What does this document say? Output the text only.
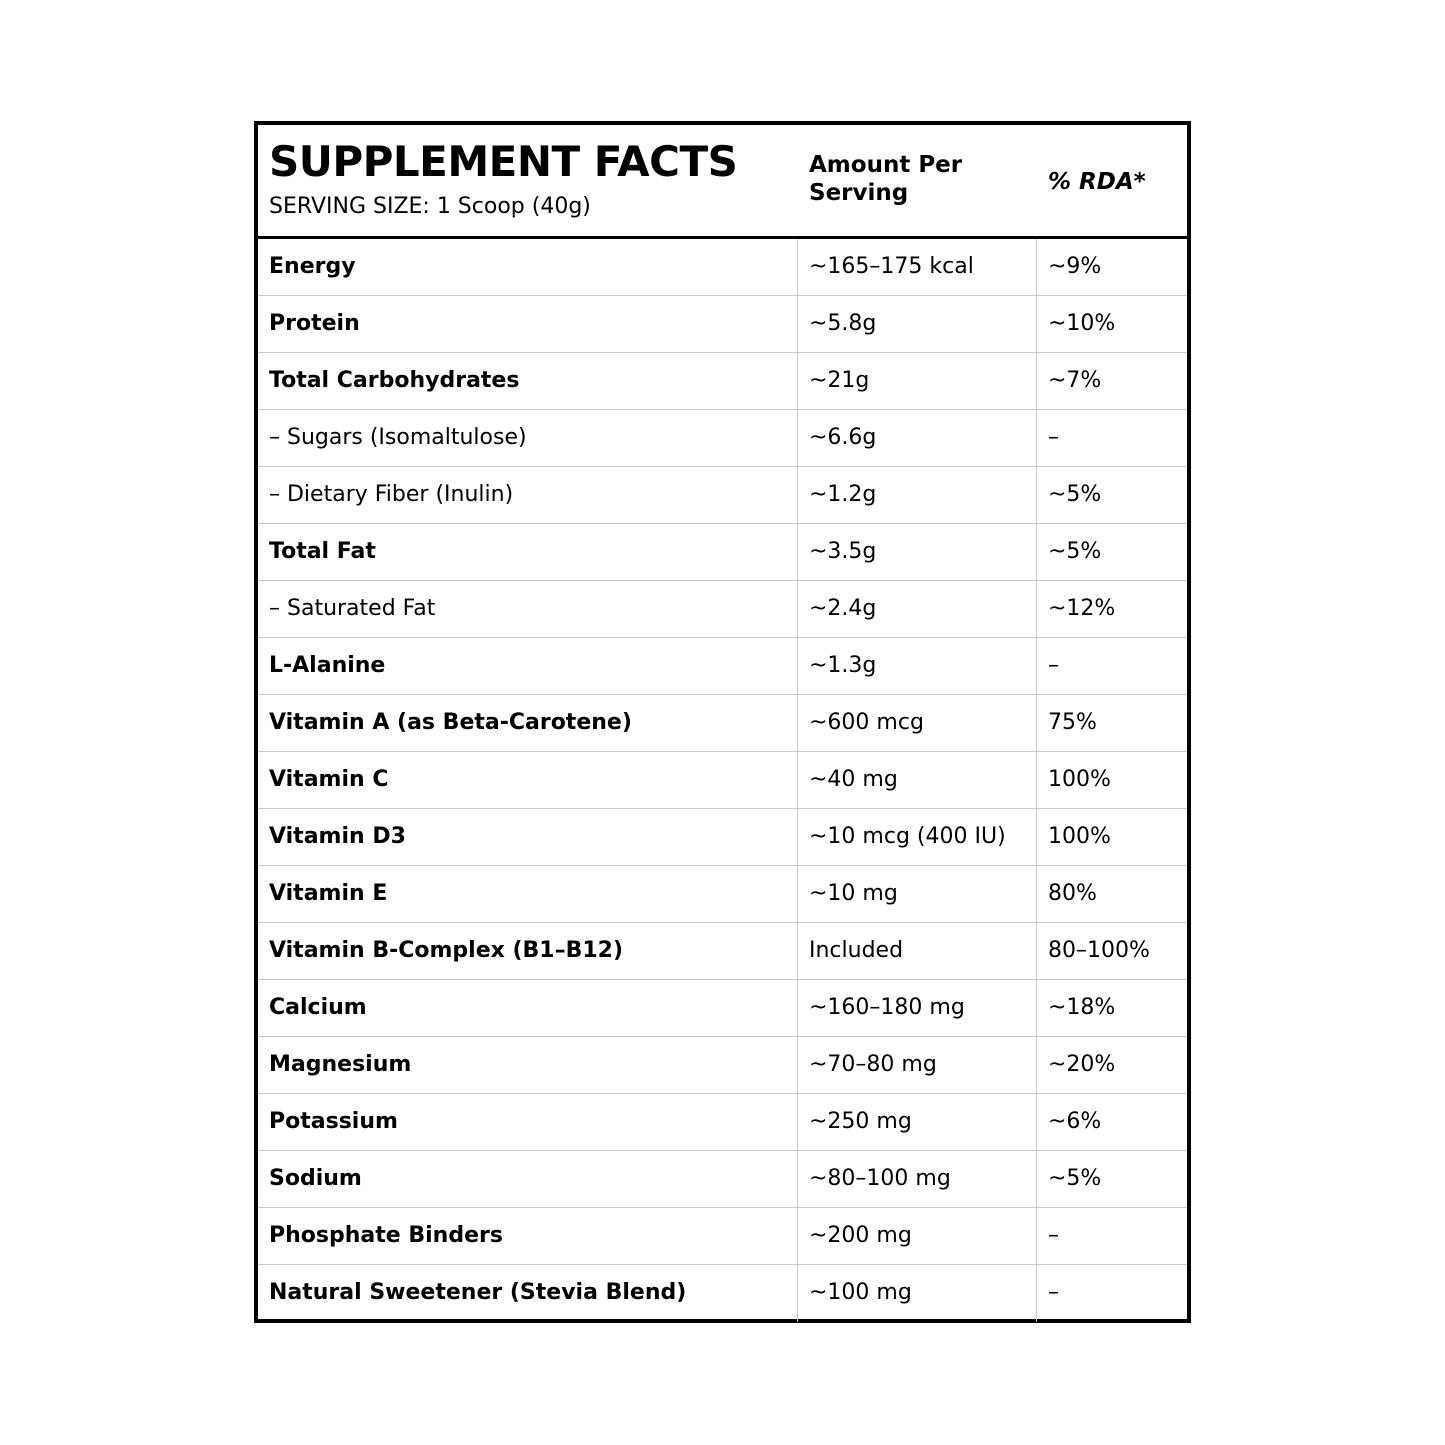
SUPPLEMENT FACTS
SERVING SIZE: 1 Scoop (40g)
Amount Per Serving	% RDA*
Energy	~165–175 kcal	~9%
Protein	~5.8g	~10%
Total Carbohydrates	~21g	~7%
– Sugars (Isomaltulose)	~6.6g	–
– Dietary Fiber (Inulin)	~1.2g	~5%
Total Fat	~3.5g	~5%
– Saturated Fat	~2.4g	~12%
L-Alanine	~1.3g	–
Vitamin A (as Beta-Carotene)	~600 mcg	75%
Vitamin C	~40 mg	100%
Vitamin D3	~10 mcg (400 IU)	100%
Vitamin E	~10 mg	80%
Vitamin B-Complex (B1–B12)	Included	80–100%
Calcium	~160–180 mg	~18%
Magnesium	~70–80 mg	~20%
Potassium	~250 mg	~6%
Sodium	~80–100 mg	~5%
Phosphate Binders	~200 mg	–
Natural Sweetener (Stevia Blend)	~100 mg	–
